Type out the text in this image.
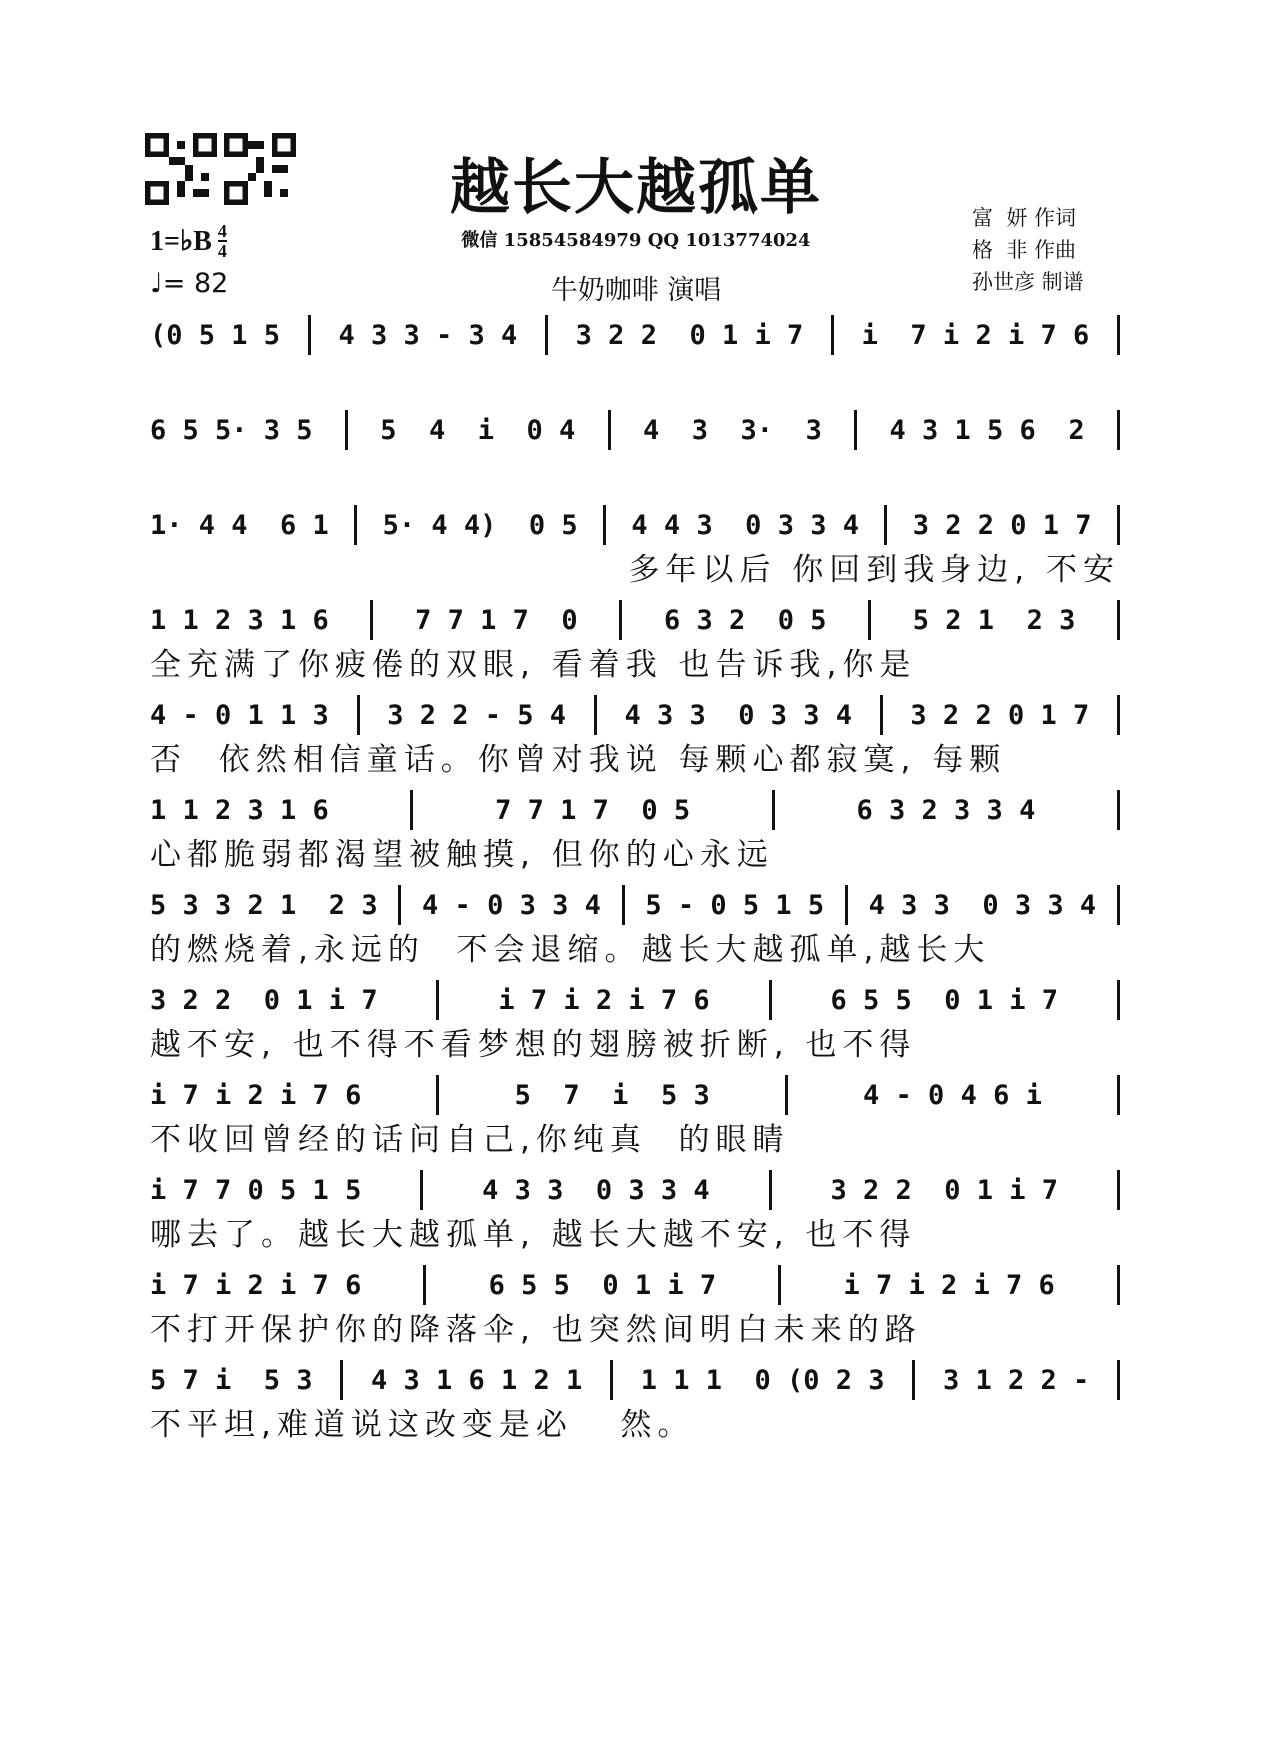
越长大越孤单
1=♭B $\frac{4}{4}$
♩= 82
微信 15854584979 QQ 1013774024
牛奶咖啡 演唱
富  妍 作词
格  非 作曲
孙世彦 制谱
(0 5 1 5 4 3 3 - 3 4 3 2 2  0 1 i 7 i  7 i 2 i 7 6
6 5 5· 3 5	5  4  i  0 4	4  3  3·  3	4 3 1 5 6  2
1· 4 4  6 1 5· 4 4)  0 5 4 4 3  0 3 3 4 3 2 2 0 1 7
多年以后 你回到我身边, 不安
1 1 2 3 1 6	7 7 1 7  0	6 3 2  0 5	5 2 1  2 3
全充满了你疲倦的双眼, 看着我 也告诉我,你是
4 - 0 1 1 3 3 2 2 - 5 4 4 3 3  0 3 3 4 3 2 2 0 1 7
否  依然相信童话。你曾对我说 每颗心都寂寞, 每颗
1 1 2 3 1 6	7 7 1 7  0 5	6 3 2 3 3 4
心都脆弱都渴望被触摸, 但你的心永远
5 3 3 2 1  2 3 4 - 0 3 3 4 5 - 0 5 1 5 4 3 3  0 3 3 4
的燃烧着,永远的  不会退缩。越长大越孤单,越长大
3 2 2  0 1 i 7	i 7 i 2 i 7 6	6 5 5  0 1 i 7
越不安, 也不得不看梦想的翅膀被折断, 也不得
i 7 i 2 i 7 6	5  7  i  5 3	4 - 0 4 6 i
不收回曾经的话问自己,你纯真  的眼睛
i 7 7 0 5 1 5	4 3 3  0 3 3 4	3 2 2  0 1 i 7
哪去了。越长大越孤单, 越长大越不安, 也不得
i 7 i 2 i 7 6	6 5 5  0 1 i 7	i 7 i 2 i 7 6
不打开保护你的降落伞, 也突然间明白未来的路
5 7 i  5 3 4 3 1 6 1 2 1 1 1 1  0 (0 2 3 3 1 2 2 -
不平坦,难道说这改变是必   然。
